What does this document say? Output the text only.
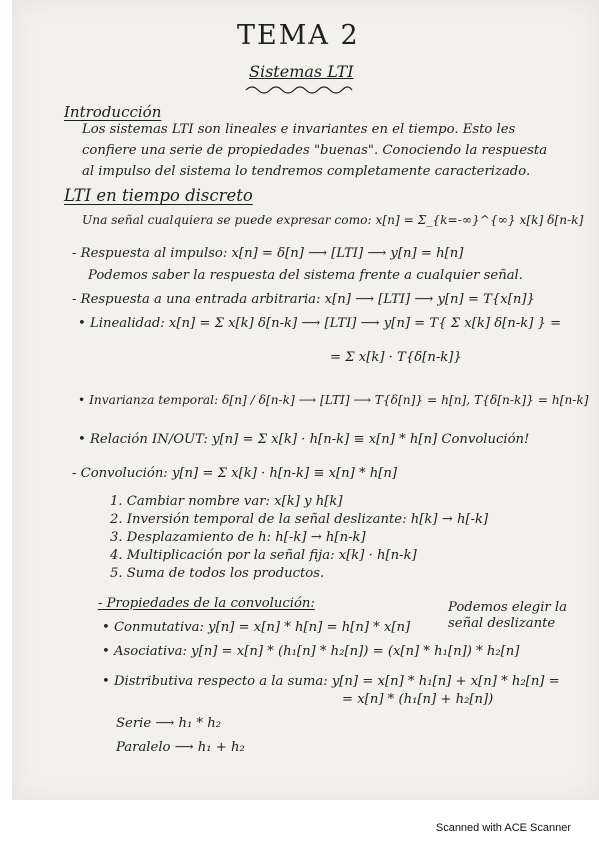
TEMA 2
Sistemas LTI
Introducción
Los sistemas LTI son lineales e invariantes en el tiempo. Esto les
confiere una serie de propiedades "buenas". Conociendo la respuesta
al impulso del sistema lo tendremos completamente caracterizado.
LTI en tiempo discreto
Una señal cualquiera se puede expresar como: x[n] = Σ_{k=-∞}^{∞} x[k] δ[n-k]
- Respuesta al impulso: x[n] = δ[n] ⟶ [LTI] ⟶ y[n] = h[n]
Podemos saber la respuesta del sistema frente a cualquier señal.
- Respuesta a una entrada arbitraria: x[n] ⟶ [LTI] ⟶ y[n] = T{x[n]}
• Linealidad: x[n] = Σ x[k] δ[n-k] ⟶ [LTI] ⟶ y[n] = T{ Σ x[k] δ[n-k] } =
= Σ x[k] · T{δ[n-k]}
• Invarianza temporal: δ[n] / δ[n-k] ⟶ [LTI] ⟶ T{δ[n]} = h[n], T{δ[n-k]} = h[n-k]
• Relación IN/OUT: y[n] = Σ x[k] · h[n-k] ≡ x[n] * h[n] Convolución!
- Convolución: y[n] = Σ x[k] · h[n-k] ≡ x[n] * h[n]
1. Cambiar nombre var: x[k] y h[k]
2. Inversión temporal de la señal deslizante: h[k] → h[-k]
3. Desplazamiento de h: h[-k] → h[n-k]
4. Multiplicación por la señal fija: x[k] · h[n-k]
5. Suma de todos los productos.
- Propiedades de la convolución:
• Conmutativa: y[n] = x[n] * h[n] = h[n] * x[n]
Podemos elegir la
señal deslizante
• Asociativa: y[n] = x[n] * (h₁[n] * h₂[n]) = (x[n] * h₁[n]) * h₂[n]
• Distributiva respecto a la suma: y[n] = x[n] * h₁[n] + x[n] * h₂[n] =
= x[n] * (h₁[n] + h₂[n])
Serie ⟶ h₁ * h₂
Paralelo ⟶ h₁ + h₂
Scanned with ACE Scanner
